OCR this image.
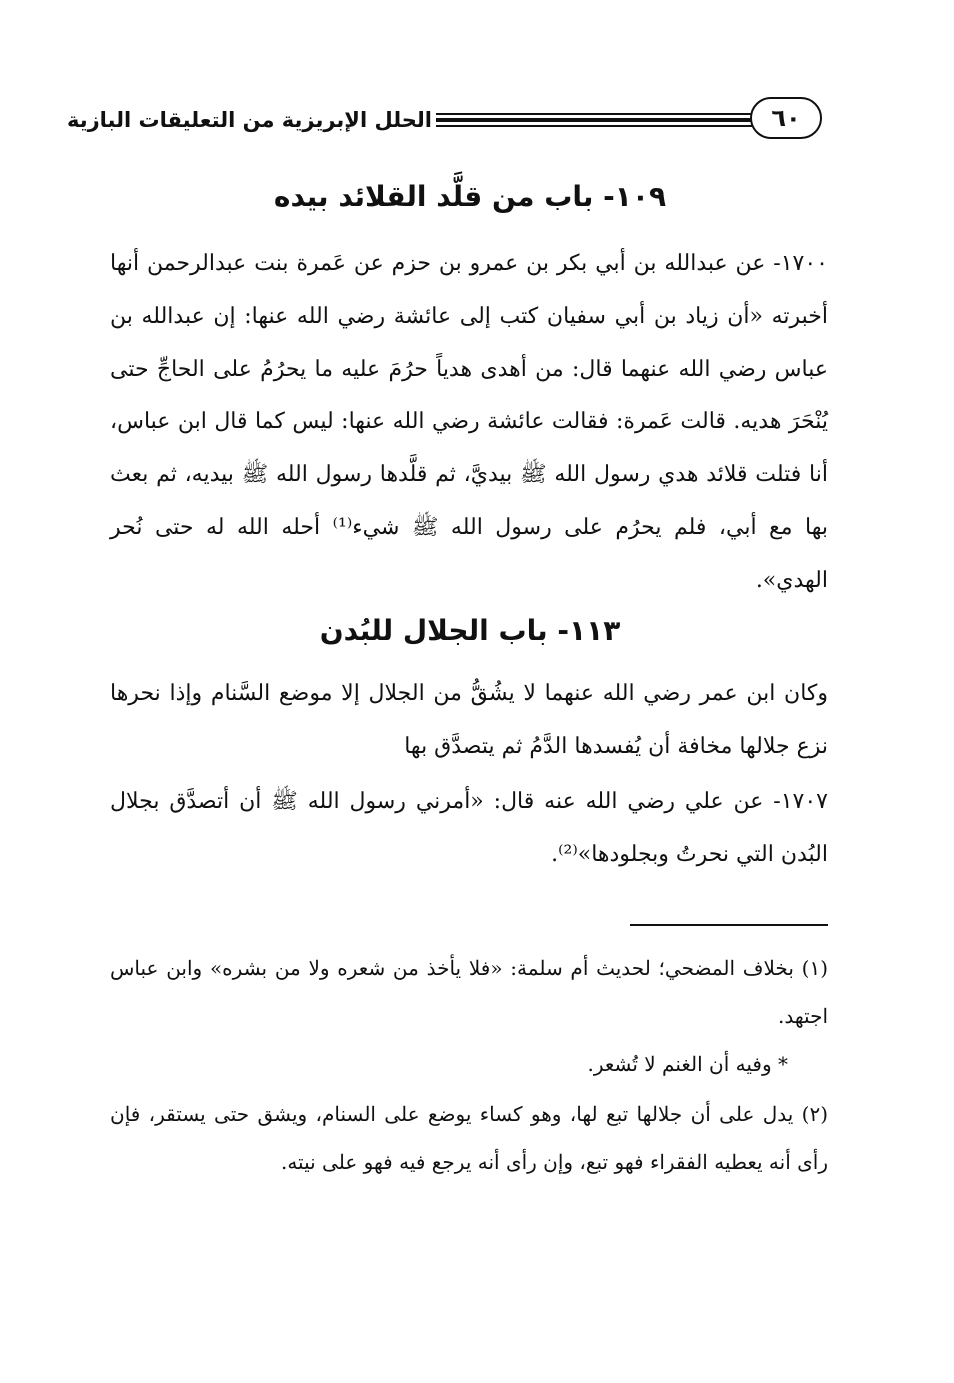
٦٠
الحلل الإبريزية من التعليقات البازية
١٠٩- باب من قلَّد القلائد بيده
١٧٠٠- عن عبدالله بن أبي بكر بن عمرو بن حزم عن عَمرة بنت عبدالرحمن أنها أخبرته «أن زياد بن أبي سفيان كتب إلى عائشة رضي الله عنها: إن عبدالله بن عباس رضي الله عنهما قال: من أهدى هدياً حرُمَ عليه ما يحرُمُ على الحاجِّ حتى يُنْحَرَ هديه. قالت عَمرة: فقالت عائشة رضي الله عنها: ليس كما قال ابن عباس، أنا فتلت قلائد هدي رسول الله ﷺ بيديَّ، ثم قلَّدها رسول الله ﷺ بيديه، ثم بعث بها مع أبي، فلم يحرُم على رسول الله ﷺ شيء⁽¹⁾ أحله الله له حتى نُحر الهدي».
١١٣- باب الجلال للبُدن
وكان ابن عمر رضي الله عنهما لا يشُقُّ من الجلال إلا موضع السَّنام وإذا نحرها نزع جلالها مخافة أن يُفسدها الدَّمُ ثم يتصدَّق بها
١٧٠٧- عن علي رضي الله عنه قال: «أمرني رسول الله ﷺ أن أتصدَّق بجلال البُدن التي نحرتُ وبجلودها»⁽²⁾.
(١) بخلاف المضحي؛ لحديث أم سلمة: «فلا يأخذ من شعره ولا من بشره» وابن عباس اجتهد.
* وفيه أن الغنم لا تُشعر.
(٢) يدل على أن جلالها تبع لها، وهو كساء يوضع على السنام، ويشق حتى يستقر، فإن رأى أنه يعطيه الفقراء فهو تبع، وإن رأى أنه يرجع فيه فهو على نيته.
